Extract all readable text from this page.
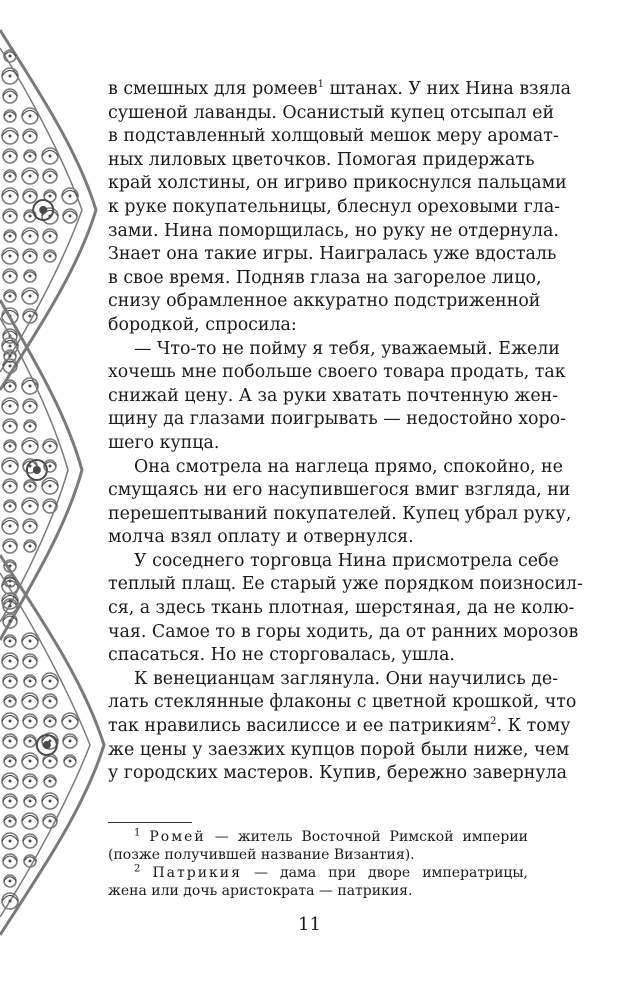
в смешных для ромеев$^1$ штанах. У них Нина взяла
сушеной лаванды. Осанистый купец отсыпал ей
в подставленный холщовый мешок меру аромат-
ных лиловых цветочков. Помогая придержать
край холстины, он игриво прикоснулся пальцами
к руке покупательницы, блеснул ореховыми гла-
зами. Нина поморщилась, но руку не отдернула.
Знает она такие игры. Наигралась уже вдосталь
в свое время. Подняв глаза на загорелое лицо,
снизу обрамленное аккуратно подстриженной
бородкой, спросила:
— Что-то не пойму я тебя, уважаемый. Ежели
хочешь мне побольше своего товара продать, так
снижай цену. А за руки хватать почтенную жен-
щину да глазами поигрывать — недостойно хоро-
шего купца.
Она смотрела на наглеца прямо, спокойно, не
смущаясь ни его насупившегося вмиг взгляда, ни
перешептываний покупателей. Купец убрал руку,
молча взял оплату и отвернулся.
У соседнего торговца Нина присмотрела себе
теплый плащ. Ее старый уже порядком поизносил-
ся, а здесь ткань плотная, шерстяная, да не колю-
чая. Самое то в горы ходить, да от ранних морозов
спасаться. Но не сторговалась, ушла.
К венецианцам заглянула. Они научились де-
лать стеклянные флаконы с цветной крошкой, что
так нравились василиссе и ее патрикиям$^2$. К тому
же цены у заезжих купцов порой были ниже, чем
у городских мастеров. Купив, бережно завернула
$^1$ Ромей — житель Восточной Римской империи
(позже получившей название Византия).
$^2$ Патрикия — дама при дворе императрицы,
жена или дочь аристократа — патрикия.
11
